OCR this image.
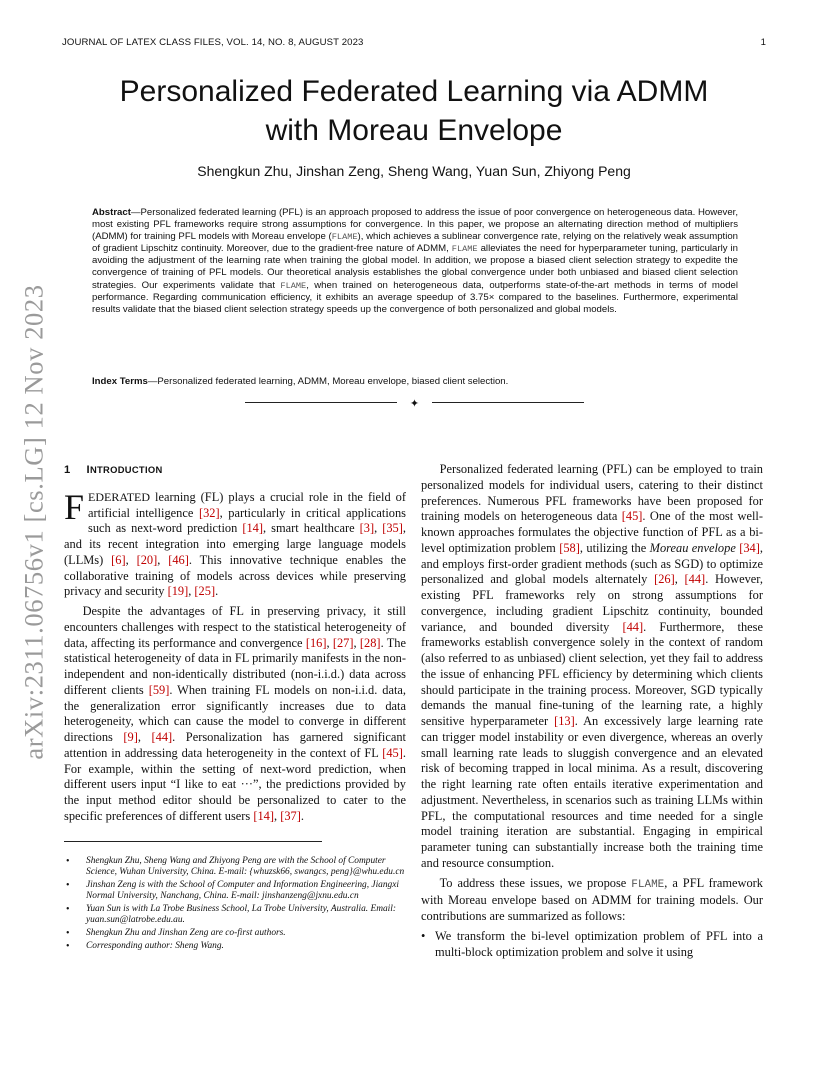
JOURNAL OF LATEX CLASS FILES, VOL. 14, NO. 8, AUGUST 2023	1
arXiv:2311.06756v1 [cs.LG] 12 Nov 2023
Personalized Federated Learning via ADMM
with Moreau Envelope
Shengkun Zhu, Jinshan Zeng, Sheng Wang, Yuan Sun, Zhiyong Peng
Abstract—Personalized federated learning (PFL) is an approach proposed to address the issue of poor convergence on heterogeneous data. However, most existing PFL frameworks require strong assumptions for convergence. In this paper, we propose an alternating direction method of multipliers (ADMM) for training PFL models with Moreau envelope (FLAME), which achieves a sublinear convergence rate, relying on the relatively weak assumption of gradient Lipschitz continuity. Moreover, due to the gradient-free nature of ADMM, FLAME alleviates the need for hyperparameter tuning, particularly in avoiding the adjustment of the learning rate when training the global model. In addition, we propose a biased client selection strategy to expedite the convergence of training of PFL models. Our theoretical analysis establishes the global convergence under both unbiased and biased client selection strategies. Our experiments validate that FLAME, when trained on heterogeneous data, outperforms state-of-the-art methods in terms of model performance. Regarding communication efficiency, it exhibits an average speedup of 3.75× compared to the baselines. Furthermore, experimental results validate that the biased client selection strategy speeds up the convergence of both personalized and global models.
Index Terms—Personalized federated learning, ADMM, Moreau envelope, biased client selection.
✦
1 INTRODUCTION

FEDERATED learning (FL) plays a crucial role in the field of artificial intelligence [32], particularly in critical applications such as next-word prediction [14], smart healthcare [3], [35], and its recent integration into emerging large language models (LLMs) [6], [20], [46]. This innovative technique enables the collaborative training of models across devices while preserving privacy and security [19], [25].

Despite the advantages of FL in preserving privacy, it still encounters challenges with respect to the statistical heterogeneity of data, affecting its performance and convergence [16], [27], [28]. The statistical heterogeneity of data in FL primarily manifests in the non-independent and non-identically distributed (non-i.i.d.) data across different clients [59]. When training FL models on non-i.i.d. data, the generalization error significantly increases due to data heterogeneity, which can cause the model to converge in different directions [9], [44]. Personalization has garnered significant attention in addressing data heterogeneity in the context of FL [45]. For example, within the setting of next-word prediction, when different users input “I like to eat ···”, the predictions provided by the input method editor should be personalized to cater to the specific preferences of different users [14], [37].

• Shengkun Zhu, Sheng Wang and Zhiyong Peng are with the School of Computer Science, Wuhan University, China. E-mail: {whuzsk66, swangcs, peng}@whu.edu.cn
• Jinshan Zeng is with the School of Computer and Information Engineering, Jiangxi Normal University, Nanchang, China. E-mail: jinshanzeng@jxnu.edu.cn
• Yuan Sun is with La Trobe Business School, La Trobe University, Australia. Email: yuan.sun@latrobe.edu.au.
• Shengkun Zhu and Jinshan Zeng are co-first authors.
• Corresponding author: Sheng Wang.

Personalized federated learning (PFL) can be employed to train personalized models for individual users, catering to their distinct preferences. Numerous PFL frameworks have been proposed for training models on heterogeneous data [45]. One of the most well-known approaches formulates the objective function of PFL as a bi-level optimization problem [58], utilizing the Moreau envelope [34], and employs first-order gradient methods (such as SGD) to optimize personalized and global models alternately [26], [44]. However, existing PFL frameworks rely on strong assumptions for convergence, including gradient Lipschitz continuity, bounded variance, and bounded diversity [44]. Furthermore, these frameworks establish convergence solely in the context of random (also referred to as unbiased) client selection, yet they fail to address the issue of enhancing PFL efficiency by determining which clients should participate in the training process. Moreover, SGD typically demands the manual fine-tuning of the learning rate, a highly sensitive hyperparameter [13]. An excessively large learning rate can trigger model instability or even divergence, whereas an overly small learning rate leads to sluggish convergence and an elevated risk of becoming trapped in local minima. As a result, discovering the right learning rate often entails iterative experimentation and adjustment. Nevertheless, in scenarios such as training LLMs within PFL, the computational resources and time needed for a single model training iteration are substantial. Engaging in empirical parameter tuning can substantially increase both the training time and resource consumption.

To address these issues, we propose FLAME, a PFL framework with Moreau envelope based on ADMM for training models. Our contributions are summarized as follows:

• We transform the bi-level optimization problem of PFL into a multi-block optimization problem and solve it using
